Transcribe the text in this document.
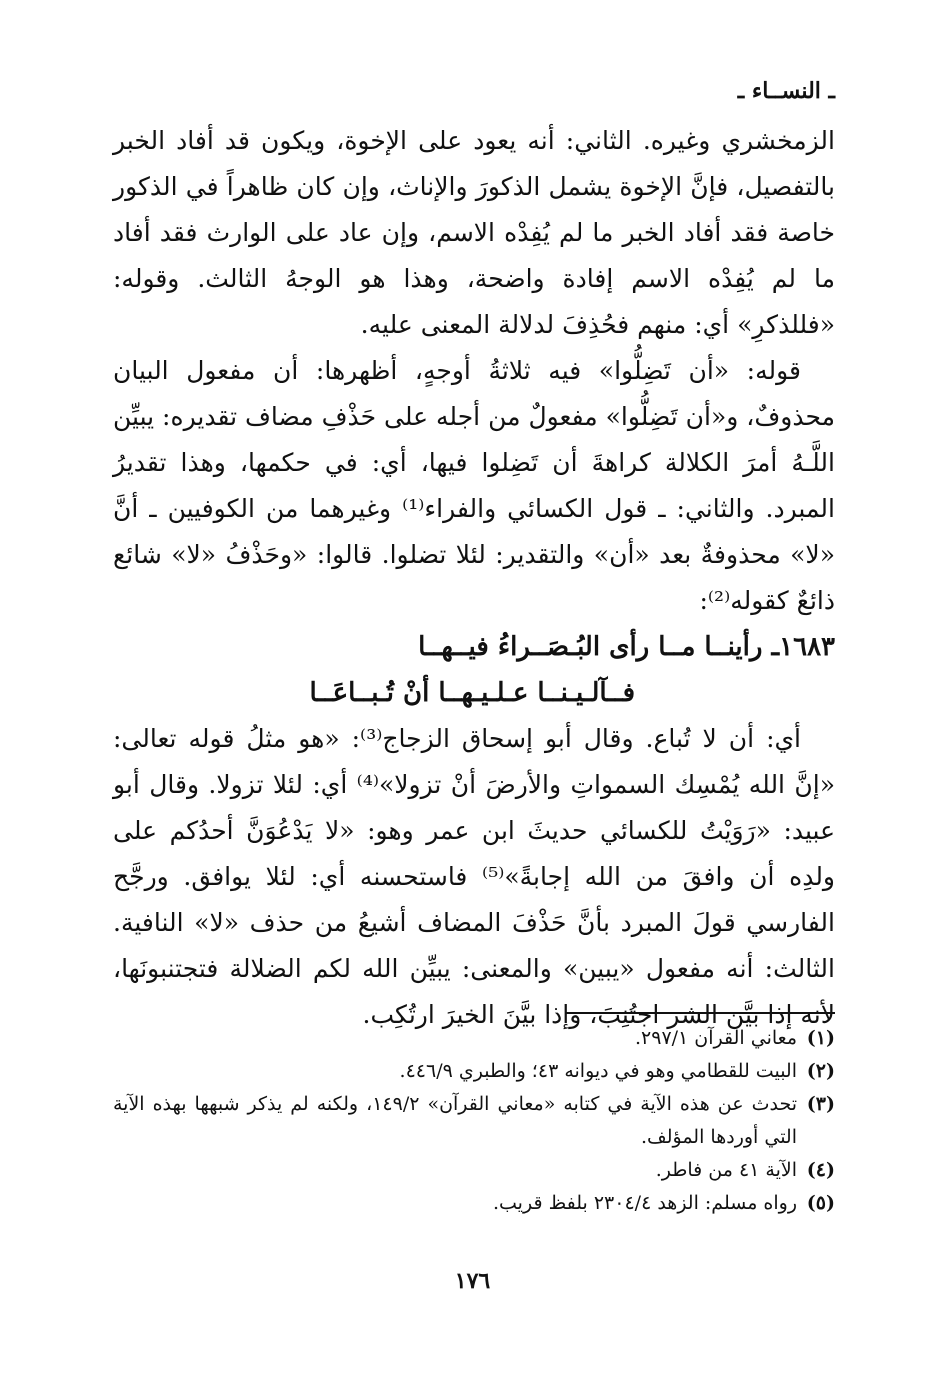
ـ النســاء ـ

الزمخشري وغيره. الثاني: أنه يعود على الإخوة، ويكون قد أفاد الخبر بالتفصيل، فإنَّ الإخوة يشمل الذكورَ والإناث، وإن كان ظاهراً في الذكور خاصة فقد أفاد الخبر ما لم يُفِدْه الاسم، وإن عاد على الوارث فقد أفاد ما لم يُفِدْه الاسم إفادة واضحة، وهذا هو الوجهُ الثالث. وقوله: «فللذكرِ» أي: منهم فحُذِفَ لدلالة المعنى عليه.

قوله: «أن تَضِلُّوا» فيه ثلاثةُ أوجهٍ، أظهرها: أن مفعول البيان محذوفٌ، و«أن تَضِلُّوا» مفعولٌ من أجله على حَذْفِ مضاف تقديره: يبيِّن اللَّـهُ أمرَ الكلالة كراهةَ أن تَضِلوا فيها، أي: في حكمها، وهذا تقديرُ المبرد. والثاني: ـ قول الكسائي والفراء⁽¹⁾ وغيرهما من الكوفيين ـ أنَّ «لا» محذوفةٌ بعد «أن» والتقدير: لئلا تضلوا. قالوا: «وحَذْفُ «لا» شائع ذائعٌ كقوله⁽²⁾:

١٦٨٣ـ رأينــا مــا رأى البُـصَــراءُ فيــهــا
فــآلـيـنــا عـلـيـهــا أنْ تُـبــاعَــا

أي: أن لا تُباع. وقال أبو إسحاق الزجاج⁽³⁾: «هو مثلُ قوله تعالى: «إنَّ الله يُمْسِك السمواتِ والأرضَ أنْ تزولا»⁽⁴⁾ أي: لئلا تزولا. وقال أبو عبيد: «رَوَيْتُ للكسائي حديثَ ابن عمر وهو: «لا يَدْعُوَنَّ أحدُكم على ولدِه أن وافقَ من الله إجابةً»⁽⁵⁾ فاستحسنه أي: لئلا يوافق. ورجَّح الفارسي قولَ المبرد بأنَّ حَذْفَ المضاف أشيعُ من حذف «لا» النافية. الثالث: أنه مفعول «يبين» والمعنى: يبيِّن الله لكم الضلالة فتجتنبونَها، لأنه إذا بيَّن الشر اجتُنِبَ، وإذا بيَّنَ الخيرَ ارتُكِب.

(١)
معاني القرآن ٢٩٧/١.
(٢)
البيت للقطامي وهو في ديوانه ٤٣؛ والطبري ٤٤٦/٩.
(٣)
تحدث عن هذه الآية في كتابه «معاني القرآن» ١٤٩/٢، ولكنه لم يذكر شبهها بهذه الآية التي أوردها المؤلف.
(٤)
الآية ٤١ من فاطر.
(٥)
رواه مسلم: الزهد ٢٣٠٤/٤ بلفظ قريب.
١٧٦
